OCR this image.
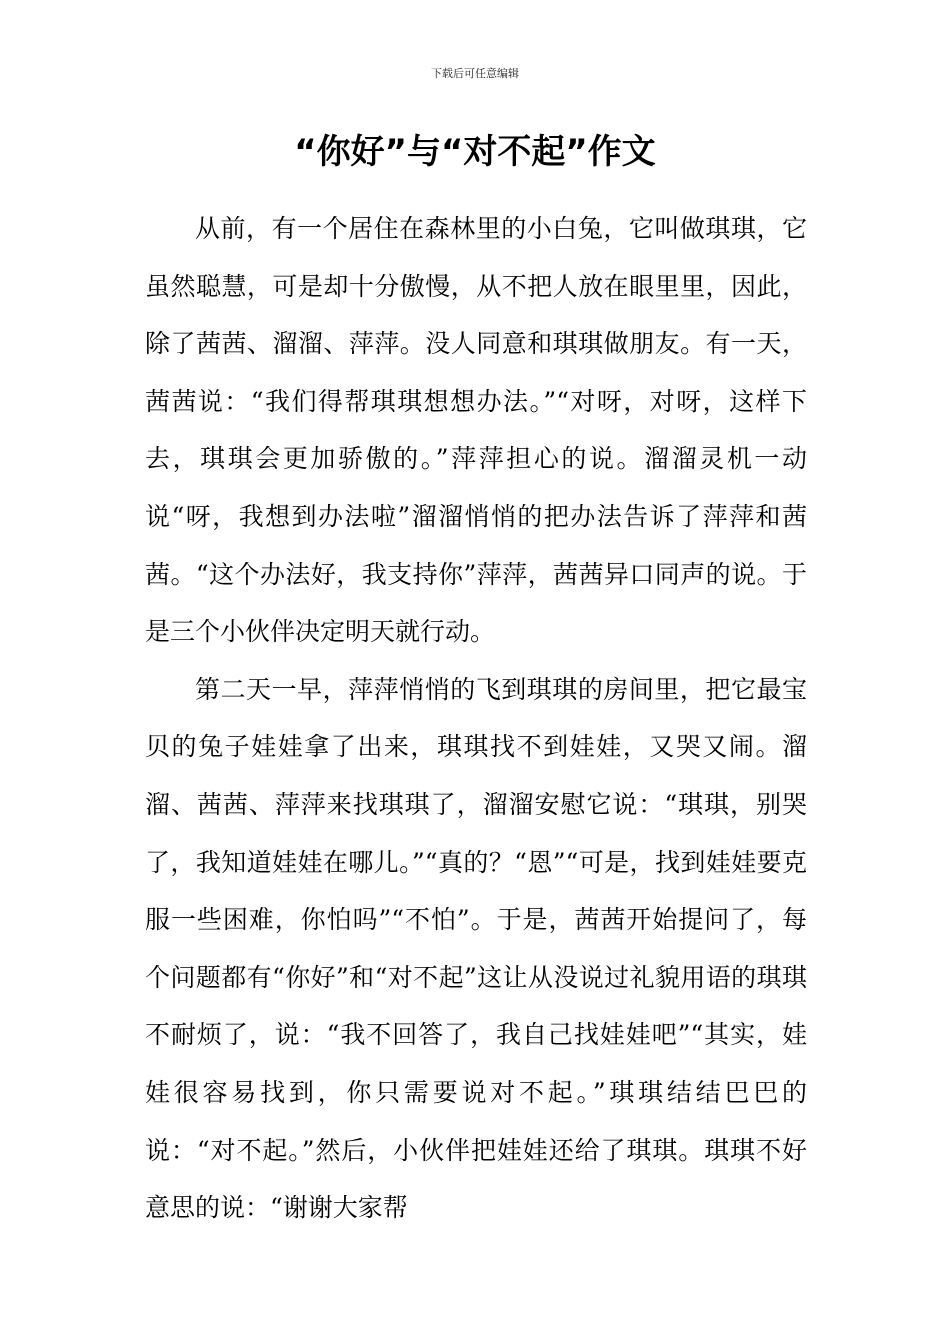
下载后可任意编辑
“你好”与“对不起”作文

从前，有一个居住在森林里的小白兔，它叫做琪琪，它虽然聪慧，可是却十分傲慢，从不把人放在眼里里，因此，除了茜茜、溜溜、萍萍。没人同意和琪琪做朋友。有一天，茜茜说：“我们得帮琪琪想想办法。”“对呀，对呀，这样下去，琪琪会更加骄傲的。”萍萍担心的说。溜溜灵机一动说“呀，我想到办法啦”溜溜悄悄的把办法告诉了萍萍和茜茜。“这个办法好，我支持你”萍萍，茜茜异口同声的说。于是三个小伙伴决定明天就行动。

第二天一早，萍萍悄悄的飞到琪琪的房间里，把它最宝贝的兔子娃娃拿了出来，琪琪找不到娃娃，又哭又闹。溜溜、茜茜、萍萍来找琪琪了，溜溜安慰它说：“琪琪，别哭了，我知道娃娃在哪儿。”“真的？“恩”“可是，找到娃娃要克服一些困难，你怕吗”“不怕”。于是，茜茜开始提问了，每个问题都有“你好”和“对不起”这让从没说过礼貌用语的琪琪不耐烦了，说：“我不回答了，我自己找娃娃吧”“其实，娃娃很容易找到，你只需要说对不起。”琪琪结结巴巴的说：“对不起。”然后，小伙伴把娃娃还给了琪琪。琪琪不好意思的说：“谢谢大家帮
